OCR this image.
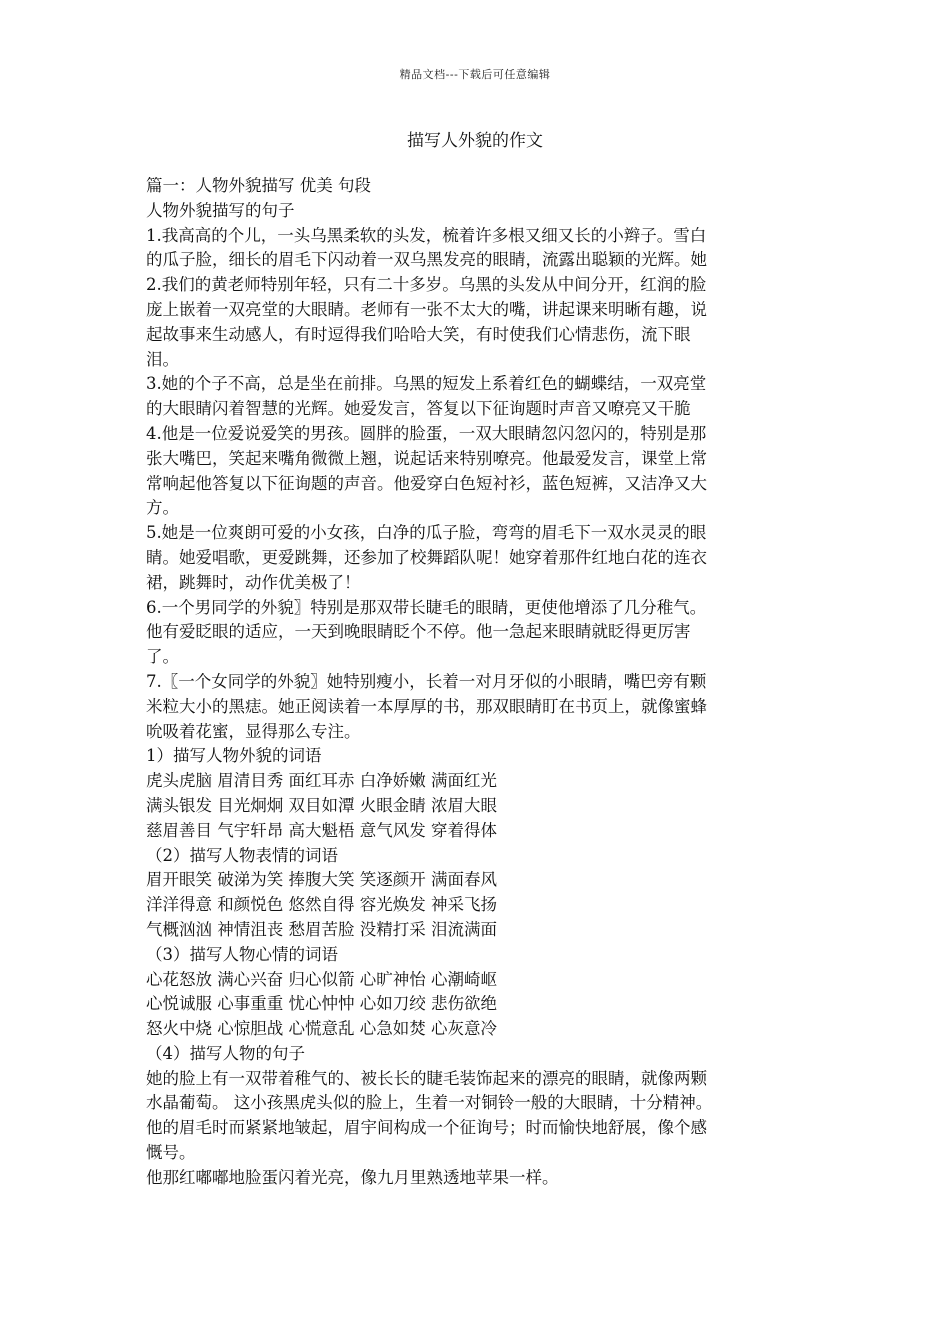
精品文档---下载后可任意编辑
描写人外貌的作文
篇一：人物外貌描写 优美 句段
人物外貌描写的句子
1.我高高的个儿，一头乌黑柔软的头发，梳着许多根又细又长的小辫子。雪白
的瓜子脸，细长的眉毛下闪动着一双乌黑发亮的眼睛，流露出聪颖的光辉。她
2.我们的黄老师特别年轻，只有二十多岁。乌黑的头发从中间分开，红润的脸
庞上嵌着一双亮堂的大眼睛。老师有一张不太大的嘴，讲起课来明晰有趣，说
起故事来生动感人，有时逗得我们哈哈大笑，有时使我们心情悲伤，流下眼
泪。
3.她的个子不高，总是坐在前排。乌黑的短发上系着红色的蝴蝶结，一双亮堂
的大眼睛闪着智慧的光辉。她爱发言，答复以下征询题时声音又嘹亮又干脆
4.他是一位爱说爱笑的男孩。圆胖的脸蛋，一双大眼睛忽闪忽闪的，特别是那
张大嘴巴，笑起来嘴角微微上翘，说起话来特别嘹亮。他最爱发言，课堂上常
常响起他答复以下征询题的声音。他爱穿白色短衬衫，蓝色短裤，又洁净又大
方。
5.她是一位爽朗可爱的小女孩，白净的瓜子脸，弯弯的眉毛下一双水灵灵的眼
睛。她爱唱歌，更爱跳舞，还参加了校舞蹈队呢！她穿着那件红地白花的连衣
裙，跳舞时，动作优美极了！
6.一个男同学的外貌〗特别是那双带长睫毛的眼睛，更使他增添了几分稚气。
他有爱眨眼的适应，一天到晚眼睛眨个不停。他一急起来眼睛就眨得更厉害
了。
7.〖一个女同学的外貌〗她特别瘦小，长着一对月牙似的小眼睛，嘴巴旁有颗
米粒大小的黑痣。她正阅读着一本厚厚的书，那双眼睛盯在书页上，就像蜜蜂
吮吸着花蜜，显得那么专注。
1）描写人物外貌的词语
虎头虎脑 眉清目秀 面红耳赤 白净娇嫩 满面红光
满头银发 目光炯炯 双目如潭 火眼金睛 浓眉大眼
慈眉善目 气宇轩昂 高大魁梧 意气风发 穿着得体
（2）描写人物表情的词语
眉开眼笑 破涕为笑 捧腹大笑 笑逐颜开 满面春风
洋洋得意 和颜悦色 悠然自得 容光焕发 神采飞扬
气概汹汹 神情沮丧 愁眉苦脸 没精打采 泪流满面
（3）描写人物心情的词语
心花怒放 满心兴奋 归心似箭 心旷神怡 心潮崎岖
心悦诚服 心事重重 忧心忡忡 心如刀绞 悲伤欲绝
怒火中烧 心惊胆战 心慌意乱 心急如焚 心灰意冷
（4）描写人物的句子
她的脸上有一双带着稚气的、被长长的睫毛装饰起来的漂亮的眼睛，就像两颗
水晶葡萄。 这小孩黑虎头似的脸上，生着一对铜铃一般的大眼睛，十分精神。
他的眉毛时而紧紧地皱起，眉宇间构成一个征询号；时而愉快地舒展，像个感
慨号。
他那红嘟嘟地脸蛋闪着光亮，像九月里熟透地苹果一样。
